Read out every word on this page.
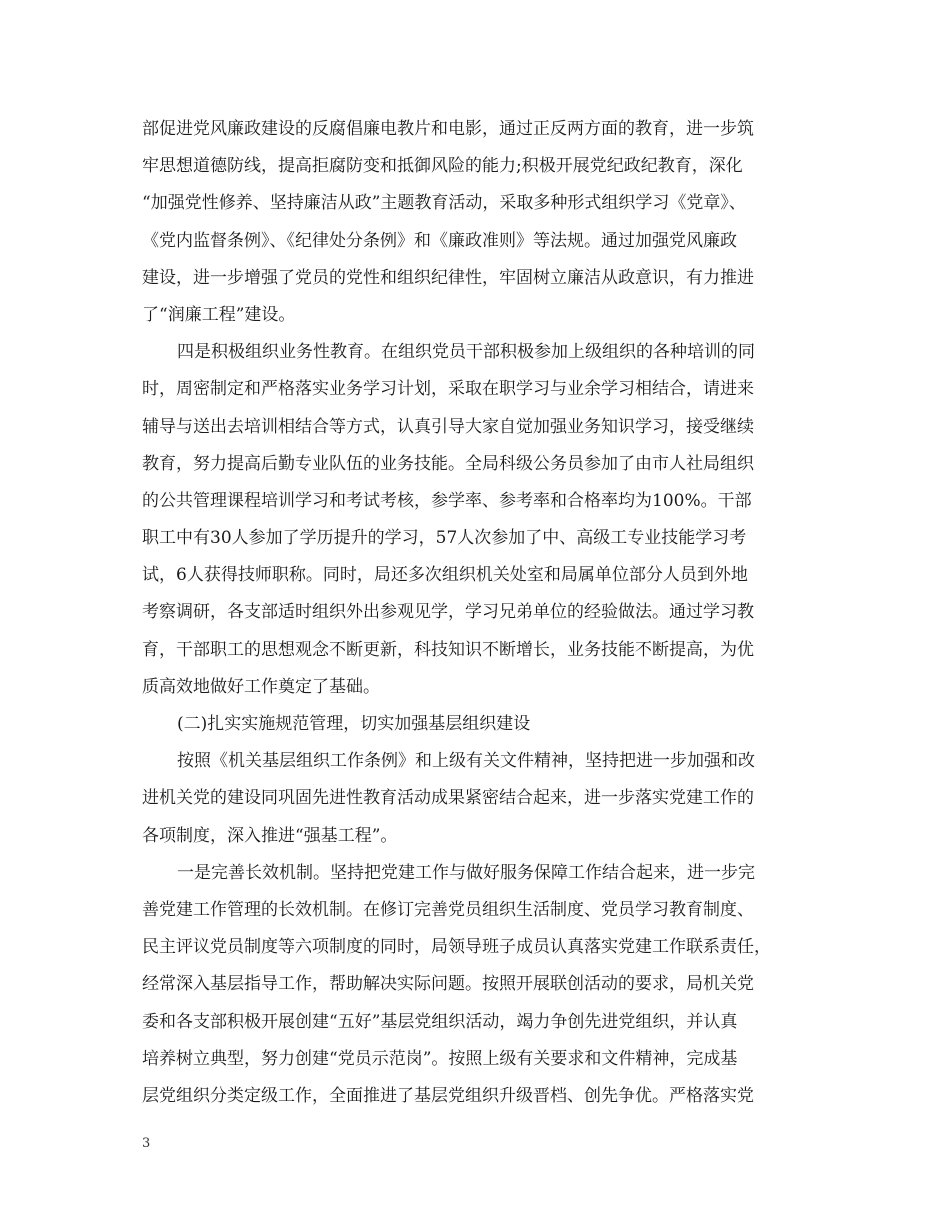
部促进党风廉政建设的反腐倡廉电教片和电影，通过正反两方面的教育，进一步筑
牢思想道德防线，提高拒腐防变和抵御风险的能力;积极开展党纪政纪教育，深化
“加强党性修养、坚持廉洁从政”主题教育活动，采取多种形式组织学习《党章》、
《党内监督条例》、《纪律处分条例》和《廉政准则》等法规。通过加强党风廉政
建设，进一步增强了党员的党性和组织纪律性，牢固树立廉洁从政意识，有力推进
了“润廉工程”建设。
四是积极组织业务性教育。在组织党员干部积极参加上级组织的各种培训的同
时，周密制定和严格落实业务学习计划，采取在职学习与业余学习相结合，请进来
辅导与送出去培训相结合等方式，认真引导大家自觉加强业务知识学习，接受继续
教育，努力提高后勤专业队伍的业务技能。全局科级公务员参加了由市人社局组织
的公共管理课程培训学习和考试考核，参学率、参考率和合格率均为100%。干部
职工中有30人参加了学历提升的学习，57人次参加了中、高级工专业技能学习考
试，6人获得技师职称。同时，局还多次组织机关处室和局属单位部分人员到外地
考察调研，各支部适时组织外出参观见学，学习兄弟单位的经验做法。通过学习教
育，干部职工的思想观念不断更新，科技知识不断增长，业务技能不断提高，为优
质高效地做好工作奠定了基础。
(二)扎实实施规范管理，切实加强基层组织建设
按照《机关基层组织工作条例》和上级有关文件精神，坚持把进一步加强和改
进机关党的建设同巩固先进性教育活动成果紧密结合起来，进一步落实党建工作的
各项制度，深入推进“强基工程”。
一是完善长效机制。坚持把党建工作与做好服务保障工作结合起来，进一步完
善党建工作管理的长效机制。在修订完善党员组织生活制度、党员学习教育制度、
民主评议党员制度等六项制度的同时，局领导班子成员认真落实党建工作联系责任，
经常深入基层指导工作，帮助解决实际问题。按照开展联创活动的要求，局机关党
委和各支部积极开展创建“五好”基层党组织活动，竭力争创先进党组织，并认真
培养树立典型，努力创建“党员示范岗”。按照上级有关要求和文件精神，完成基
层党组织分类定级工作，全面推进了基层党组织升级晋档、创先争优。严格落实党
3
